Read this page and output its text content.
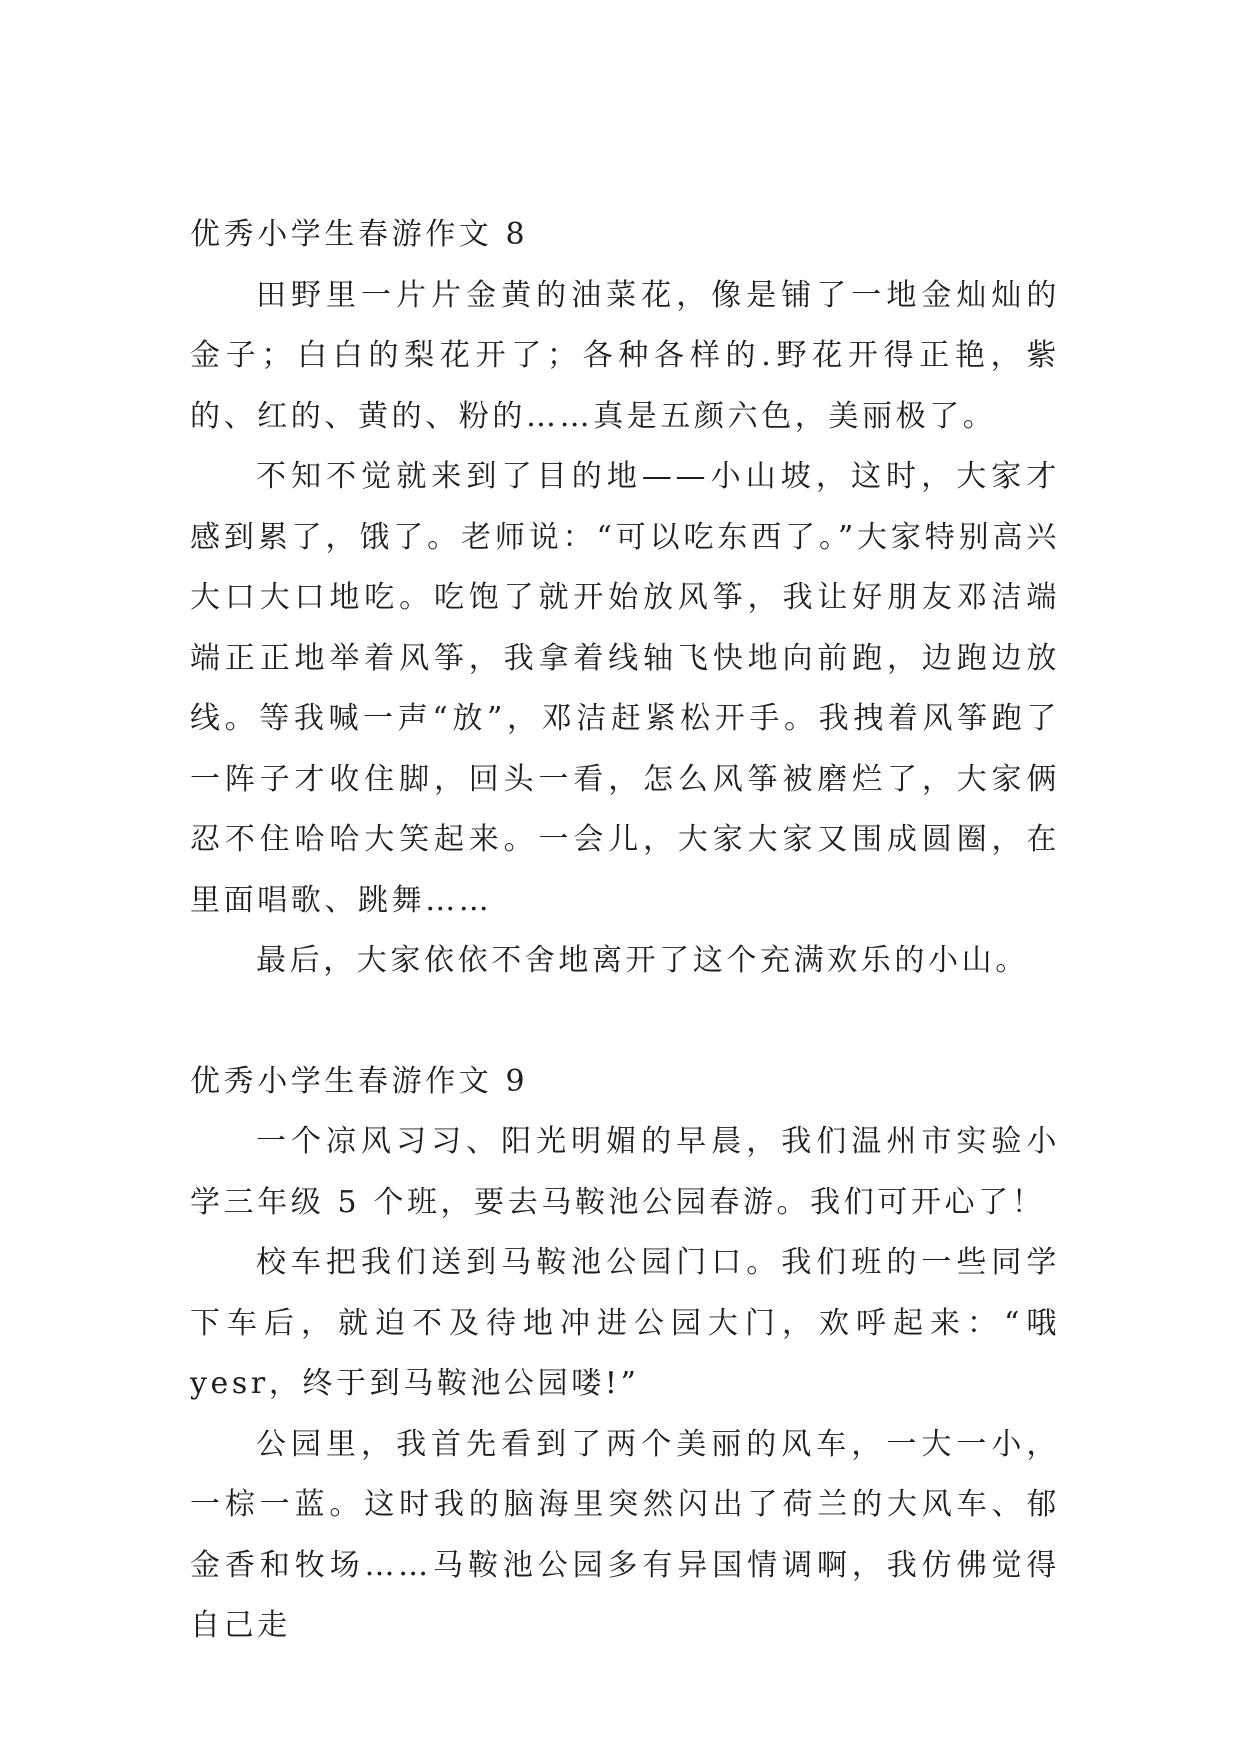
优秀小学生春游作文 8

田野里一片片金黄的油菜花，像是铺了一地金灿灿的金子；白白的梨花开了；各种各样的.野花开得正艳，紫的、红的、黄的、粉的……真是五颜六色，美丽极了。

不知不觉就来到了目的地——小山坡，这时，大家才感到累了，饿了。老师说：“可以吃东西了。”大家特别高兴大口大口地吃。吃饱了就开始放风筝，我让好朋友邓洁端端正正地举着风筝，我拿着线轴飞快地向前跑，边跑边放线。等我喊一声“放”，邓洁赶紧松开手。我拽着风筝跑了一阵子才收住脚，回头一看，怎么风筝被磨烂了，大家俩忍不住哈哈大笑起来。一会儿，大家大家又围成圆圈，在里面唱歌、跳舞……

最后，大家依依不舍地离开了这个充满欢乐的小山。

优秀小学生春游作文 9

一个凉风习习、阳光明媚的早晨，我们温州市实验小学三年级 5 个班，要去马鞍池公园春游。我们可开心了！

校车把我们送到马鞍池公园门口。我们班的一些同学下车后，就迫不及待地冲进公园大门，欢呼起来：“哦 yesr，终于到马鞍池公园喽!”

公园里，我首先看到了两个美丽的风车，一大一小，一棕一蓝。这时我的脑海里突然闪出了荷兰的大风车、郁金香和牧场……马鞍池公园多有异国情调啊，我仿佛觉得自己走
